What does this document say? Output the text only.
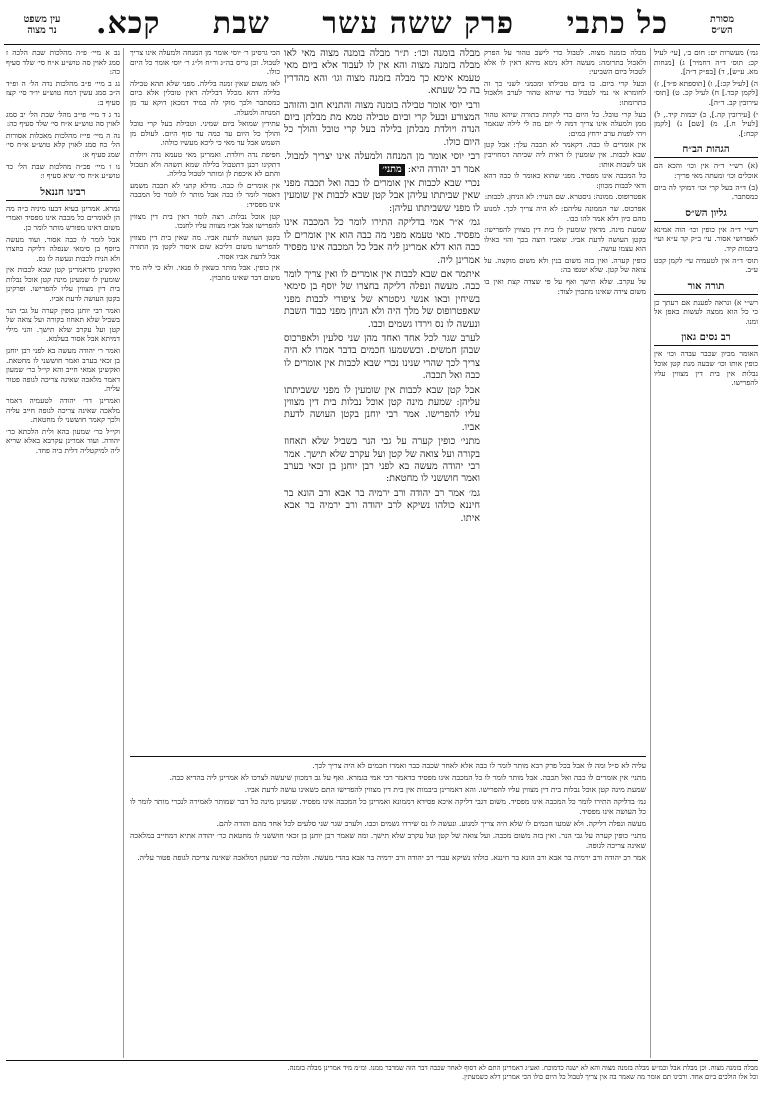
מסורת
הש״ס
כל כתבי
פרק ששה עשר
שבת
קכא.
עין משפט
נר מצוה

גמ׳) מעשרות ים: חום ב׳, [עי׳ לעיל קכ: תוס׳ ד״ה דחמיר] ג) [מנחות מא. ע״ש], ד) [בפ״ק ד״ה].

ה) [לעיל קכ:], ו) [תוספתא פ״ד], ז) [לקמן קכד.] ח) לעיל קכ. ט) [תוס׳ עירובין קב. ד״ה].

י) [עירובין קה.], כ) יבמות קיד., ל) [לעיל ח.], מ) [שם] נ) [לקמן קכח:].

הגהות הב״ח

(א) רש״י ד״ה אין וכו׳ והכא הם אוכלים וכו׳ ומעתה מאי פריך:

(ב) ד״ה בעל קרי וכו׳ דמוקי לה ביום כמסתבר.

גליון הש״ס

רש״י ד״ה אין כופין וכו׳ הוה אמינא לאפרושי אסור. עי׳ ב״ק קד ע״א ועי׳ ביבמות קיד.

תוס׳ ד״ה אין לטעמיה עי׳ לקמן קכט ע״ב.

תורה אור

רש״י א) ונראה לפענת אם רעתך כן כי כל הוא ממצה לעשות באפן אל ומנו.

רב נסים גאון

האומר מכיון שכבר עבדה וכו׳ אין כופין אותו וכו׳ שבעה מנת קטן אוכל נבלות אין בית דין מצווין עליו להפרישו.

מבלה בזמנה מצוה. לטבול כדי לישב טהור על הפרק ולאכול בתרומה: מעשה דלא נימא מיהא דאין לו אלא לטבול ביום השביעי:

ובעל קרי ביום. בו ביום טבילתו ומכמני לשני כך זה לחומרא אי נמי לטבול כדי שיהא טהור לערב ולאכול בתרומתו:

בעל קרי טובל. כל היום כדי לקרות בתורה שיהא טהור ממן ולמעלה אינו צריך דמה לי יום מה לי לילה שנאמר ויהי לפנות ערב ירחץ במים:

אין אומרים לו כבה. דקאמר לא תכבה עלך: אבל קטן שבא לכבות. אין שומעין לו דאית ליה שביתה דמחוייבין אנו לשבות אותו:

כל המכבה אינו מפסיד. מפני שהוא כאומר לו כבה דהא ודאי לכבות מכוון:

אפטרופוס. ממונה: גיסטרא. שם העיר: לא הניחן. לכבות:

אפרכוס. שר הממונה עליהם: לא היה צריך לכך. למנוע מהם כיון דלא אמר להו כבו.

שמעת מינה. מדאין שומעין לו בית דין מצווין להפרישו: בקטן העושה לדעת אביו. שאביו רוצה בכך והוי כאילו הוא עצמו עושה.

כופין קערה. ואין בזה משום בנין ולא משום מוקצה. על צואה של קטן. שלא יטנפו בה:

על עקרב. שלא תישך ואף על פי שצדה קצת ואין בו משום צידה שאינו מתכוין לצוד:

מבלה בומנה וכו׳: ת״ר מבלה בומנה מצוה מאי לאו מבלה בזמנה מצוה והא אין לו לעבוד אלא ביום מאי טעמא אימא כך מבלה בזמנה מצוה וגו׳ והא מהדרין בה כל שעתא.

ורבי יוסי אומר טבילה בומנה מצוה והתניא חוב והזוהב המצורע ובעל קרי וביום טבילה טמא מת מבלתן ביום הנדה ויולדת מבלתן בלילה בעל קרי טובל והולך כל היום כולו.

רבי יוסי אומר מן המנחה ולמעלה אינו יצריך למבול. אמר רב יהודה היא: מתני׳

נכרי שבא לכבות אין אומרים לו כבה ואל תכבה מפני שאין שביתתו עליהן אבל קטן שבא לכבות אין שומעין לו מפני ששביתתו עליהן:

גמ׳ א״ר אמי בדליקה התירו לומר כל המכבה אינו מפסיד. מאי טעמא מפני מה כבה הוא אין אומרים לו כבה הוא דלא אמרינן ליה אבל כל המכבה אינו מפסיד אמרינן ליה.

איתמר אם שבא לכבות אין אומרים לו ואין צריך לומר כבה. מעשה ונפלה דליקה בחצרו של יוסף בן סימאי בשיחין ובאו אנשי גיסטרא של ציפורי לכבות מפני שאפטרופוס של מלך היה ולא הניחן מפני כבוד השבת ונעשה לו נס וירדו גשמים וכבו.

לערב שגר לכל אחד ואחד מהן שני סלעין ולאפרכוס שבהן חמשים. וכששמעו חכמים בדבר אמרו לא היה צריך לכך שהרי שנינו נכרי שבא לכבות אין אומרים לו כבה ואל תכבה.

אבל קטן שבא לכבות אין שומעין לו מפני ששביתתו עליהן: שמעת מינה קטן אוכל נבלות בית דין מצווין עליו להפרישו. אמר רבי יוחנן בקטן העושה לדעת אביו.

מתני׳ כופין קערה על גבי הנר בשביל שלא תאחוז בקורה ועל צואה של קטן ועל עקרב שלא תישך. אמר רבי יהודה מעשה בא לפני רבן יוחנן בן זכאי בערב ואמר חוששני לו מחטאת:

גמ׳ אמר רב יהודה ורב ירמיה בר אבא ורב הונא בר חיננא כולהו נשיקא לרב יהודה ורב ירמיה בר אבא איתו.

הכי גרסינן ר׳ יוסי אומר מן המנחה ולמעלה אינו צריך לטבול. וכן גריס בה״ג ור״ח ול״ג ר׳ יוסי אומר כל היום כולו.

לאו משום שאין זמנה בלילה. מפני שלא תהא טבילה בלילה דהא מכלל דבלילה דאין טובלין אלא ביום כמסתבר ולכך מוקי לה במיד דמכאן דוקא עד מן המנחה ולמעלה.

עתידין שמואל ביום שמיני. וטבילת בעל קרי טובל והולך כל היום עד כמה עד סוף היום. לעולם מן השמש אבל עד מאי כי ליכא מעשיו כולהו.

חפיפת נדה ויולדת. ואמרינן מאי טעמא נדה ויולדת דתקינו רבנן דתטבול בלילה שמא תשהה ולא תטבול והתם לא איכפת לן ומותר לטבול בלילה.

אין אומרים לו כבה. מדלא קתני לא תכבה משמע דאסור לומר לו כבה אבל מותר לו לומר כל המכבה אינו מפסיד:

קטן אוכל נבלות. רצה לומר דאין בית דין מצווין להפרישו אבל אביו מצווה עליו לחנכו.

בקטן העושה לדעת אביו. מה שאין בית דין מצווין להפרישו משום דליכא שום איסור לקטן מן התורה אבל לדעת אביו אסור.

אין כופין. אבל מותר כשאין לו פנאי. ולא כי ליה מיד משום דבר שאינו מתכוין.

נב א מיי׳ פ״ה מהלכות שבת הלכה ז סמג לאוין סה טוש״ע א״ח סי׳ שלד סעיף כה:

נג ב מיי׳ פ״ב מהלכות נדה הל׳ ה ופ״ד ה״ב סמג עשין רמח טוש״ע יו״ד סי׳ קצז סעיף ב:

נד ג ד מיי׳ פי״ב מהל׳ שבת הל׳ יב סמג לאוין סה טוש״ע א״ח סי׳ שלד סעיף כה:

נה ה מיי׳ פי״ז מהלכות מאכלות אסורות הל׳ כח סמג לאוין קלא טוש״ע א״ח סי׳ שמג סעיף א:

נו ו מיי׳ פכ״ה מהלכות שבת הל׳ כד טוש״ע א״ח סי׳ שיא סעיף ו:

רבינו חננאל

גמרא. אמרינן בעיא דבעו מיניה ב״ה מה הן לאומרים כל מכבה אינו מפסיד ואמרי משום דאינו מפורש מותר לומר כן.

אבל לומר לו כבה אסור. ועוד מעשה ביוסף בן סימאי שנפלה דליקה בחצרו ולא הניח לכבות ונעשה לו נס.

ואקשינן מדאמרינן קטן שבא לכבות אין שומעין לו שמעינן מינה קטן אוכל נבלות בית דין מצווין עליו להפרישו. ופרקינן בקטן העושה לדעת אביו.

ואמר רבי יוחנן כופין קערה על גבי הנר בשביל שלא תאחוז בקורה ועל צואה של קטן ועל עקרב שלא תישך. והני מילי דמיתא אבל אסור בעלמא.

ואמר ר׳ יהודה מעשה בא לפני רבן יוחנן בן זכאי בערב ואמר חוששני לו מחטאת. ואקשינן אמאי חייב והא קי״ל כר׳ שמעון דאמר מלאכה שאינה צריכה לגופה פטור עליה.

ואמרינן דר׳ יהודה לטעמיה דאמר מלאכה שאינה צריכה לגופה חייב עליה ולכך קאמר חוששני לו מחטאת.

וקי״ל כר׳ שמעון בהא ולית הלכתא כר׳ יהודה. ועוד אמרינן עקרבא באלא שריא ליה למיקטליה דלית ביה פחד.

עליה לא ס״ל ומה לו אבל בכל פרק רבא מותר לומר לו כבה אלא לאחר שכבה כבר ואמרו חכמים לא היה צריך לכך.

מתני׳ אין אומרים לו כבה ואל תכבה. אבל מותר לומר לו כל המכבה אינו מפסיד כדאמר רבי אמי בגמרא. ואף על גב דמכוון שיעשה לצרכו לא אמרינן ליה בהדיא כבה.

שמעת מינה קטן אוכל נבלות בית דין מצווין עליו להפרישו. והא דאמרינן ביבמות אין בית דין מצווין להפרישו התם כשאינו עושה לדעת אביו.

גמ׳ בדליקה התירו לומר כל המכבה אינו מפסיד. משום דגבי דליקה איכא פסידא דממונא ואמרינן כל המכבה אינו מפסיד. שמעינן מינה כל דבר שמותר לאמירה לנכרי מותר לומר לו כל העושה אינו מפסיד.

מעשה ונפלה דליקה. ולא שמעו חכמים לו שלא היה צריך למנוע. ונעשה לו נס שירדו גשמים וכבו. ולערב שגר שני סלעים לכל אחד מהם והודה להם.

מתני׳ כופין קערה על גבי הנר. ואין בזה משום מכבה. ועל צואה של קטן ועל עקרב שלא תישך. ומה שאמר רבן יוחנן בן זכאי חוששני לו מחטאת כר׳ יהודה אתיא דמחייב במלאכה שאינה צריכה לגופה.

אמר רב יהודה ורב ירמיה בר אבא ורב הונא בר חיננא. כולהו נשיקא עבדי רב יהודה ורב ירמיה בר אבא בהדי מעשה. והלכה כר׳ שמעון דמלאכה שאינה צריכה לגופה פטור עליה.

מבלה בזמנה מצוה. וכן מבלת אבל וכמ״ש מבלה בזמנה מצוה והא לא ישנה כדמוכח. ואע״ג דאמרינן התם לא דסוף לאחר שכבה דבר הזה שמדבר ממנו. ומ״מ מיד אמרינן מבלה בזמנה.

וכל אלו הולכים ביום אחד. ורבינו תם אומר מה שאמר בה אין צריך לטבול כל היום כולו הכי אמרינן דלא כשמעתין.
